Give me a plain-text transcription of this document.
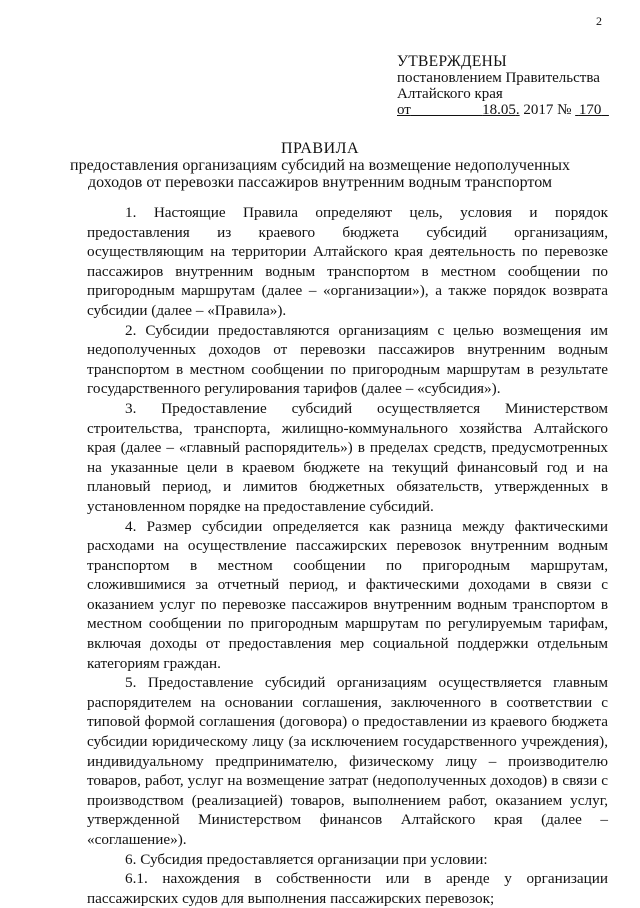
2
УТВЕРЖДЕНЫ
постановлением Правительства
Алтайского края
от	18.05. 2017 № 170
ПРАВИЛА
предоставления организациям субсидий на возмещение недополученных
доходов от перевозки пассажиров внутренним водным транспортом

1. Настоящие Правила определяют цель, условия и порядок предоставления из краевого бюджета субсидий организациям, осуществляющим на территории Алтайского края деятельность по перевозке пассажиров внутренним водным транспортом в местном сообщении по пригородным маршрутам (далее – «организации»), а также порядок возврата субсидии (далее – «Правила»).

2. Субсидии предоставляются организациям с целью возмещения им недополученных доходов от перевозки пассажиров внутренним водным транспортом в местном сообщении по пригородным маршрутам в результате государственного регулирования тарифов (далее – «субсидия»).

3. Предоставление субсидий осуществляется Министерством строительства, транспорта, жилищно-коммунального хозяйства Алтайского края (далее – «главный распорядитель») в пределах средств, предусмотренных на указанные цели в краевом бюджете на текущий финансовый год и на плановый период, и лимитов бюджетных обязательств, утвержденных в установленном порядке на предоставление субсидий.

4. Размер субсидии определяется как разница между фактическими расходами на осуществление пассажирских перевозок внутренним водным транспортом в местном сообщении по пригородным маршрутам, сложившимися за отчетный период, и фактическими доходами в связи с оказанием услуг по перевозке пассажиров внутренним водным транспортом в местном сообщении по пригородным маршрутам по регулируемым тарифам, включая доходы от предоставления мер социальной поддержки отдельным категориям граждан.

5. Предоставление субсидий организациям осуществляется главным распорядителем на основании соглашения, заключенного в соответствии с типовой формой соглашения (договора) о предоставлении из краевого бюджета субсидии юридическому лицу (за исключением государственного учреждения), индивидуальному предпринимателю, физическому лицу – производителю товаров, работ, услуг на возмещение затрат (недополученных доходов) в связи с производством (реализацией) товаров, выполнением работ, оказанием услуг, утвержденной Министерством финансов Алтайского края (далее – «соглашение»).

6. Субсидия предоставляется организации при условии:

6.1. нахождения в собственности или в аренде у организации пассажирских судов для выполнения пассажирских перевозок;
